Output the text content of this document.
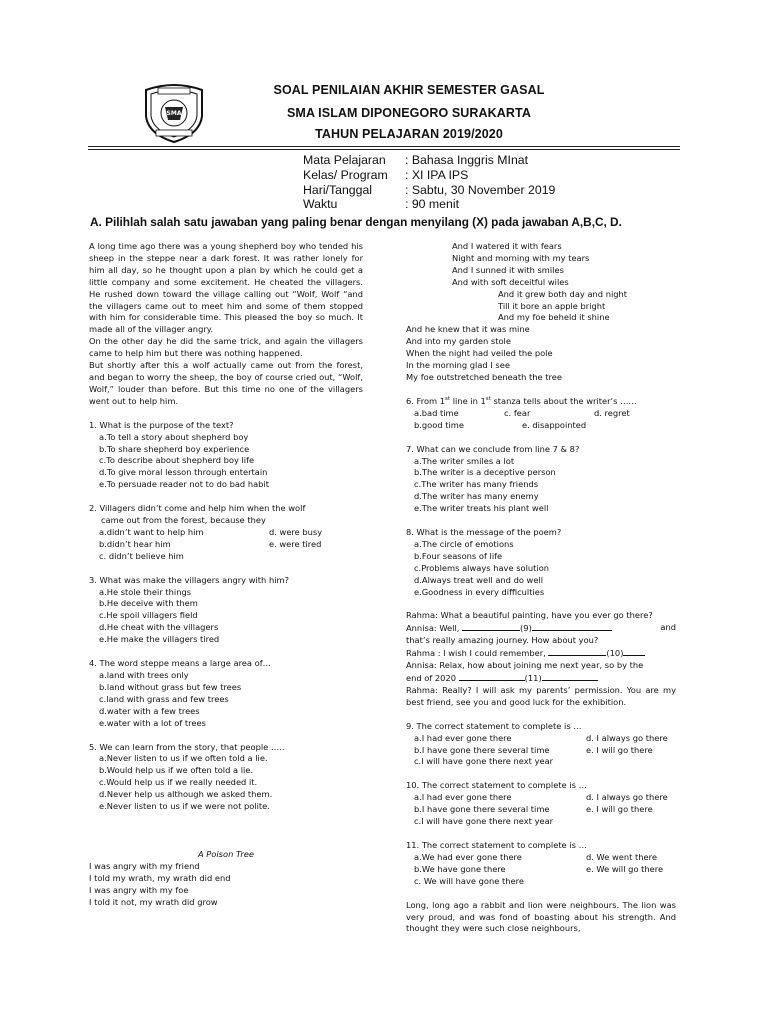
SMA
SOAL PENILAIAN AKHIR SEMESTER GASAL
SMA ISLAM DIPONEGORO SURAKARTA
TAHUN PELAJARAN 2019/2020
Mata Pelajaran	: Bahasa Inggris MInat
Kelas/ Program	: XI IPA IPS
Hari/Tanggal	: Sabtu, 30 November 2019
Waktu	: 90 menit
A. Pilihlah salah satu jawaban yang paling benar dengan menyilang (X) pada jawaban A,B,C, D.

A long time ago there was a young shepherd boy who tended his sheep in the steppe near a dark forest. It was rather lonely for him all day, so he thought upon a plan by which he could get a little company and some excitement. He cheated the villagers. He rushed down toward the village calling out “Wolf, Wolf “and the villagers came out to meet him and some of them stopped with him for considerable time. This pleased the boy so much. It made all of the villager angry.

On the other day he did the same trick, and again the villagers came to help him but there was nothing happened.

But shortly after this a wolf actually came out from the forest, and began to worry the sheep, the boy of course cried out, “Wolf, Wolf,” louder than before. But this time no one of the villagers went out to help him.

1. What is the purpose of the text?

a.To tell a story about shepherd boy
b.To share shepherd boy experience
c.To describe about shepherd boy life
d.To give moral lesson through entertain
e.To persuade reader not to do bad habit

2. Villagers didn’t come and help him when the wolf

came out from the forest, because they

a.didn’t want to help him	d. were busy
b.didn’t hear him	e. were tired
c. didn’t believe him

3. What was make the villagers angry with him?

a.He stole their things
b.He deceive with them
c.He spoil villagers field
d.He cheat with the villagers
e.He make the villagers tired

4. The word steppe means a large area of…

a.land with trees only
b.land without grass but few trees
c.land with grass and few trees
d.water with a few trees
e.water with a lot of trees

5. We can learn from the story, that people …..

a.Never listen to us if we often told a lie.
b.Would help us if we often told a lie.
c.Would help us if we really needed it.
d.Never help us although we asked them.
e.Never listen to us if we were not polite.
A Poison Tree
I was angry with my friend
I told my wrath, my wrath did end
I was angry with my foe
I told it not, my wrath did grow
And I watered it with fears
Night and morning with my tears
And I sunned it with smiles
And with soft deceitful wiles
And it grew both day and night
Till it bore an apple bright
And my foe beheld it shine
And he knew that it was mine
And into my garden stole
When the night had veiled the pole
In the morning glad I see
My foe outstretched beneath the tree

6. From 1st line in 1st stanza tells about the writer’s ……

a.bad time	c. fear	d. regret
b.good time	e. disappointed

7. What can we conclude from line 7 & 8?

a.The writer smiles a lot
b.The writer is a deceptive person
c.The writer has many friends
d.The writer has many enemy
e.The writer treats his plant well

8. What is the message of the poem?

a.The circle of emotions
b.Four seasons of life
c.Problems always have solution
d.Always treat well and do well
e.Goodness in every difficulties

Rahma: What a beautiful painting, have you ever go there?

Annisa: Well,	(9)	and

that’s really amazing journey. How about you?

Rahma : I wish I could remember,	(10)

Annisa: Relax, how about joining me next year, so by the

end of 2020	(11)

Rahma: Really? I will ask my parents’ permission. You are my best friend, see you and good luck for the exhibition.

9. The correct statement to complete is …

a.I had ever gone there	d. I always go there
b.I have gone there several time	e. I will go there
c.I will have gone there next year

10. The correct statement to complete is …

a.I had ever gone there	d. I always go there
b.I have gone there several time	e. I will go there
c.I will have gone there next year

11. The correct statement to complete is …

a.We had ever gone there	d. We went there
b.We have gone there	e. We will go there
c. We will have gone there

Long, long ago a rabbit and lion were neighbours. The lion was very proud, and was fond of boasting about his strength. And thought they were such close neighbours,
